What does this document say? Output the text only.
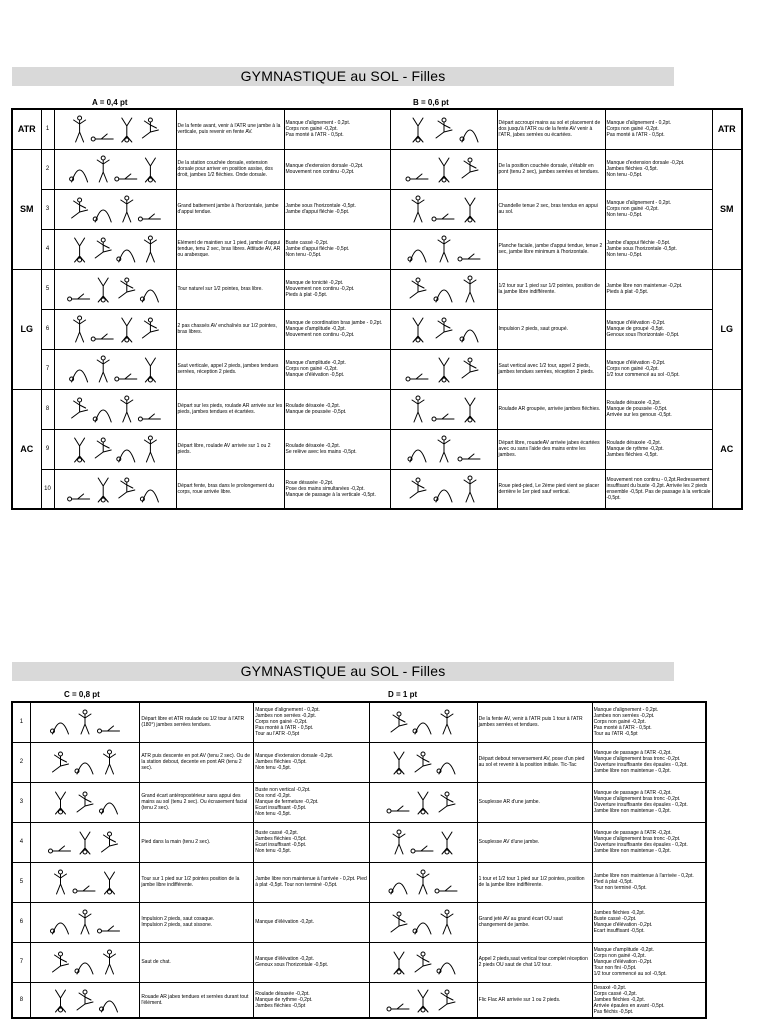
GYMNASTIQUE au SOL - Filles
A = 0,4 pt	B = 0,6 pt
ATR	1		De la fente avant, venir à l'ATR une jambe à la verticale, puis revenir en fente AV.	Manque d'alignement - 0,2pt.
Corps non gainé -0,2pt.
Pas monté à l'ATR - 0,5pt.		Départ accroupi mains au sol et placement de dos jusqu'à l'ATR ou de la fente AV venir à l'ATR, jabes serrées ou écartées.	Manque d'alignement - 0,2pt.
Corps non gainé -0,2pt.
Pas monté à l'ATR - 0,5pt.	ATR
SM	2		De la station couchée dorsale, extension dorsale pour arriver en position assise, dos droit, jambes 1/2 fléchies. Onde dorsale.	Manque d'extension dorsale -0,2pt.
Mouvement non continu -0,2pt.		De la position couchée dorsale, s'établir en pont (tenu 2 sec), jambes serrées et tendues.	Manque d'extension dorsale -0,2pt.
Jambes fléchies -0,5pt.
Non tenu -0,5pt.	SM
	3		Grand battement jambe à l'horizontale, jambe d'appui tendue.	Jambe sous l'horizontale -0,5pt.
Jambe d'appui fléchie -0,5pt.		Chandelle tenue 2 sec, bras tendus en appui au sol.	Manque d'alignement - 0,2pt.
Corps non gainé -0,2pt.
Non tenu -0,5pt.	

	4		Elément de maintien sur 1 pied, jambe d'appui tendue, tenu 2 sec, bras libres. Attitude AV, AR ou arabesque.	Buste cassé -0,2pt.
Jambe d'appui fléchie -0,5pt.
Non tenu -0,5pt.		Planche faciale, jambe d'appui tendue, tenue 2 sec, jambe libre minimum à l'horizontale.	Jambe d'appui fléchie -0,5pt.
Jambe sous l'horizontale -0,5pt.
Non tenu -0,5pt.	

LG	5		Tour naturel sur 1/2 pointes, bras libre.	Manque de tonicité -0,2pt.
Mouvement non continu -0,2pt.
Pieds à plat -0,5pt.		1/2 tour sur 1 pied sur 1/2 pointes, position de la jambe libre indifférente.	Jambe libre non maintenue -0,2pt.
Pieds à plat -0,5pt.	LG
	6		2 pas chassés AV enchaînés sur 1/2 pointes, bras libres.	Manque de coordination bras jambe - 0,2pt.
Manque d'amplitude -0,2pt.
Mouvement non continu -0,2pt.		Impulsion 2 pieds, saut groupé.	Manque d'élévation -0,2pt.
Manque de groupé -0,5pt.
Genoux sous l'horizontale -0,5pt.	

	7		Saut verticale, appel 2 pieds, jambes tendues serrées, réception 2 pieds.	Manque d'amplitude -0,2pt.
Corps non gainé -0,2pt.
Manque d'élévation -0,5pt.		Saut vertical avec 1/2 tour, appel 2 pieds, jambes tendues serrées, réception 2 pieds.	Manque d'élévation -0,2pt.
Corps non gainé -0,2pt.
1/2 tour commencé au sol -0,5pt.	

AC	8		Départ sur les pieds, roulade AR arrivée sur les pieds, jambes tendues et écartées.	Roulade désaxée -0,2pt.
Manque de poussée -0,5pt.		Roulade AR groupée, arrivée jambes fléchies.	Roulade désaxée -0,2pt.
Manque de poussée -0,5pt.
Arrivée sur les genoux -0,5pt.	AC
	9		Départ libre, roulade AV arrivée sur 1 ou 2 pieds.	Roulade désaxée -0,2pt.
Se relève avec les mains -0,5pt.		Départ libre, rouadeAV arrivée jabes écartées avec ou sans l'aide des mains entre les jambes.	Roulade désaxée -0,2pt.
Manque de rythme -0,2pt.
Jambes fléchies -0,5pt.	

	10		Départ fente, bras dans le prolongement du corps, roue arrivée libre.	Roue désaxée -0,2pt.
Pose des mains simultanées -0,2pt.
Manque de passage à la verticale -0,5pt.		Roue pied-pied, Le 2ème pied vient se placer derrière le 1er pied sauf vertical.	Mouvement non continu - 0,2pt.Redressement insuffisant du buste -0,2pt. Arrivée les 2 pieds ensemble -0,5pt. Pas de passage à la verticale -0,5pt.	
GYMNASTIQUE au SOL - Filles
C = 0,8 pt	D = 1 pt
1		Départ libre et ATR roulade ou 1/2 tour à l'ATR (180°) jambes serrées tendues.	Manque d'alignement - 0,2pt.
Jambes non serrées -0,2pt.
Corps non gainé -0,2pt.
Pas monté à l'ATR - 0,5pt.
Tour au l'ATR -0,5pt		De la fente AV, venir à l'ATR puis 1 tour à l'ATR jambes serrées et tendues.	Manque d'alignement - 0,2pt.
Jambes non serrées -0,2pt.
Corps non gainé -0,2pt.
Pas monté à l'ATR - 0,5pt.
Tour au l'ATR -0,5pt

2		ATR puis descente en pot AV (tenu 2 sec). Ou de la station debout, decente en pont AR (tenu 2 sec).	Manque d'extension dorsale -0,2pt.
Jambes fléchies -0,5pt.
Non tenu -0,5pt.		Départ debout renversement AV, pose d'un pied au sol et revenir à la position initiale. Tic-Tac	Manque de passage à l'ATR -0,2pt.
Manque d'alignement bras tronc -0,2pt.
Ouverture insuffisante des épaules - 0,2pt. Jambe libre non maintenue - 0,2pt.

3		Grand écart antéropostérieur sans appui des mains au sol (tenu 2 sec). Ou écrasement facial (tenu 2 sec).	Buste non vertical -0,2pt.
Dos rond -0,2pt.
Manque de fermeture -0,2pt.
Ecart insuffisant -0,5pt.
Non tenu -0,5pt.		Souplesse AR d'une jambe.	Manque de passage à l'ATR -0,2pt.
Manque d'alignement bras tronc -0,2pt.
Ouverture insuffisante des épaules - 0,2pt. Jambe libre non maintenue - 0,2pt.

4		Pied dans la main (tenu 2 sec).	Buste cassé -0,2pt.
Jambes fléchies -0,5pt.
Ecart insuffisant -0,5pt.
Non tenu -0,5pt.		Souplesse AV d'une jambe.	Manque de passage à l'ATR -0,2pt.
Manque d'alignement bras tronc -0,2pt.
Ouverture insuffisante des épaules - 0,2pt. Jambe libre non maintenue - 0,2pt.

5		Tour sur 1 pied sur 1/2 pointes position de la jambe libre indifférente.	Jambe libre non maintenue à l'arrivée - 0,2pt. Pied à plat -0,5pt. Tour non terminé -0,5pt.		1 tour et 1/2 tour 1 pied sur 1/2 pointes, position de la jambe libre indifférente.	Jambe libre non maintenue à l'arrivée - 0,2pt.
Pied à plat -0,5pt.
Tour non terminé -0,5pt.

6		Impulsion 2 pieds, saut cosaque.
Impulsion 2 pieds, saut sissone.	Manque d'élévation -0,2pt.		Grand jeté AV au grand écart OU saut changement de jambe.	Jambes fléchies -0,2pt.
Buste cassé -0,2pt.
Manque d'élévation -0,2pt.
Ecart insuffisant -0,5pt.

7		Saut de chat.	Manque d'élévation -0,2pt.
Genoux sous l'horizontale -0,5pt.		Appel 2 pieds,saut vertical tour complet réception 2 pieds OU saut de chat 1/2 tour.	Manque d'amplitude -0,2pt.
Corps non gainé -0,2pt.
Manque d'élévation -0,2pt.
Tour non fini -0,5pt.
1/2 tour commencé au sol -0,5pt.

8		Rouade AR jabes tendues et serrées durant tout l'élément.	Roulade désaxée -0,2pt.
Manque de rythme -0,2pt.
Jambes fléchies -0,5pt		Flic Flac AR arrivée sur 1 ou 2 pieds.	Desaxé -0,2pt.
Corps cassé -0,2pt.
Jambes fléchies -0,2pt.
Arrivée épaules en avant -0,5pt.
Pas fléchis -0,5pt.
